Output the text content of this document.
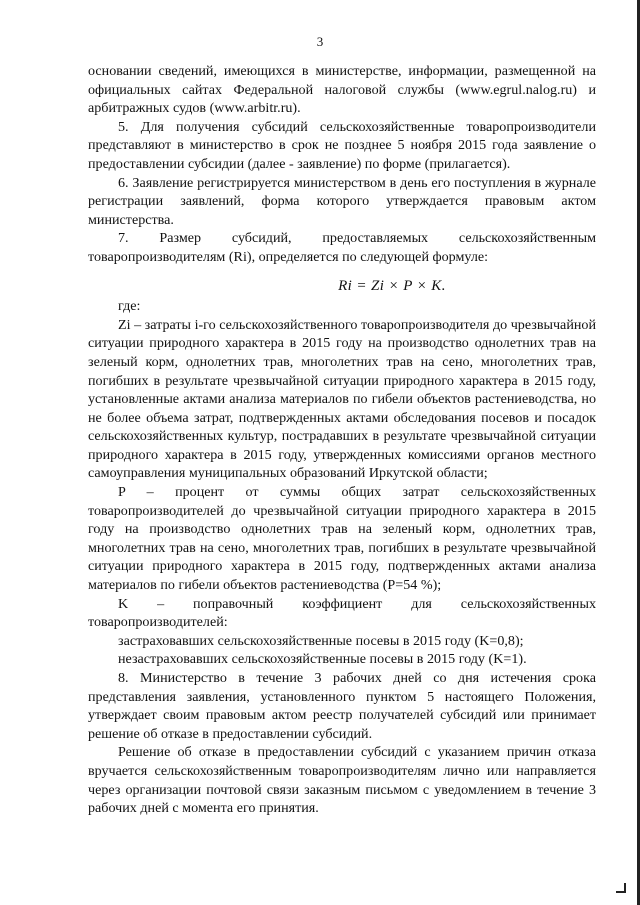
3

основании сведений, имеющихся в министерстве, информации, размещенной на официальных сайтах Федеральной налоговой службы (www.egrul.nalog.ru) и арбитражных судов (www.arbitr.ru).

5. Для получения субсидий сельскохозяйственные товаропроизводители представляют в министерство в срок не позднее 5 ноября 2015 года заявление о предоставлении субсидии (далее - заявление) по форме (прилагается).

6. Заявление регистрируется министерством в день его поступления в журнале регистрации заявлений, форма которого утверждается правовым актом министерства.

7. Размер субсидий, предоставляемых сельскохозяйственным товаропроизводителям (Ri), определяется по следующей формуле:

Ri = Zi × P × K.

где:

Zi – затраты i-го сельскохозяйственного товаропроизводителя до чрезвычайной ситуации природного характера в 2015 году на производство однолетних трав на зеленый корм, однолетних трав, многолетних трав на сено, многолетних трав, погибших в результате чрезвычайной ситуации природного характера в 2015 году, установленные актами анализа материалов по гибели объектов растениеводства, но не более объема затрат, подтвержденных актами обследования посевов и посадок сельскохозяйственных культур, пострадавших в результате чрезвычайной ситуации природного характера в 2015 году, утвержденных комиссиями органов местного самоуправления муниципальных образований Иркутской области;

P – процент от суммы общих затрат сельскохозяйственных товаропроизводителей до чрезвычайной ситуации природного характера в 2015 году на производство однолетних трав на зеленый корм, однолетних трав, многолетних трав на сено, многолетних трав, погибших в результате чрезвычайной ситуации природного характера в 2015 году, подтвержденных актами анализа материалов по гибели объектов растениеводства (P=54 %);

K – поправочный коэффициент для сельскохозяйственных товаропроизводителей:

застраховавших сельскохозяйственные посевы в 2015 году (K=0,8);

незастраховавших сельскохозяйственные посевы в 2015 году (K=1).

8. Министерство в течение 3 рабочих дней со дня истечения срока представления заявления, установленного пунктом 5 настоящего Положения, утверждает своим правовым актом реестр получателей субсидий или принимает решение об отказе в предоставлении субсидий.

Решение об отказе в предоставлении субсидий с указанием причин отказа вручается сельскохозяйственным товаропроизводителям лично или направляется через организации почтовой связи заказным письмом с уведомлением в течение 3 рабочих дней с момента его принятия.
